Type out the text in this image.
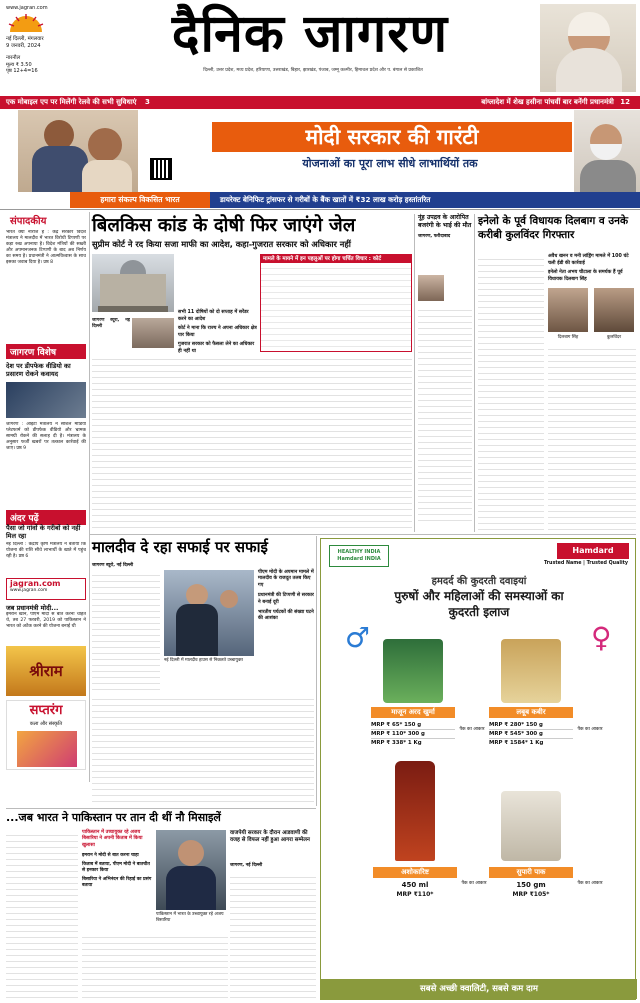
www.jagran.com
नई दिल्ली, मंगलवार
9 जनवरी, 2024
नारनौल
मूल्य ₹ 3.50
पृष्ठ 12+4=16
दैनिक जागरण
दिल्ली, उत्तर प्रदेश, मध्य प्रदेश, हरियाणा, उत्तराखंड, बिहार, झारखंड, पंजाब, जम्मू कश्मीर, हिमाचल प्रदेश और प. बंगाल से प्रकाशित
एक मोबाइल एप पर मिलेंगी रेलवे की सभी सुविधाएं 3	बांग्लादेश में शेख हसीना पांचवीं बार बनेंगी प्रधानमंत्री 12
मोदी सरकार की गारंटी
योजनाओं का पूरा लाभ सीधे लाभार्थियों तक
हमारा संकल्प विकसित भारत	डायरेक्ट बेनिफिट ट्रांसफर से गरीबों के बैंक खातों में ₹32 लाख करोड़ हस्तांतरित
संपादकीय
भारत क्यों नाराज है : केंद्र सरकार विदेश मंत्रालय ने मालदीव में भारत विरोधी टिप्पणी पर कड़ा रुख अपनाया है। विदेश मंत्रियों की सख्ती और अपमानजनक टिप्पणी के बाद अब निर्णय का समय है। प्रधानमंत्री ने आत्मविश्वास के साथ इसका जवाब दिया है। प्रष्ठ 8
जागरण विशेष
देश पर डीपफेक वीडियो का प्रसारण रोकने कवायद
जागरण : आईटी मंत्रालय ने सोशल मीडिया प्लेटफार्म को डीपफेक वीडियो और भ्रामक सामग्री रोकने की सलाह दी है। मंत्रालय के अनुसार फर्जी खबरों पर तत्काल कार्रवाई की जाए। प्रष्ठ 9
अंदर पढ़ें
पैसा जो गांवों के गरीबों को नहीं मिल रहा
नई दिल्ली : केंद्रीय कृषि मंत्रालय ने बताया कि योजना की राशि सीधे लाभार्थी के खाते में पहुंच रही है। प्रष्ठ 6
jagran.com
www.jagran.com
जब प्रधानमंत्री मोदी...
इमरान खान, पीएम मोदी से बात करना चाहते थे, तब 27 फरवरी, 2019 को पाकिस्तान ने भारत को अटैक करने की योजना बनाई थी
श्रीराम
सप्तरंग
कला और संस्कृति
बिलकिस कांड के दोषी फिर जाएंगे जेल
सुप्रीम कोर्ट ने रद किया सजा माफी का आदेश, कहा-गुजरात सरकार को अधिकार नहीं
जागरण ब्यूरो, नई दिल्ली
सभी 11 दोषियों को दो सप्ताह में सरेंडर करने का आदेश
कोर्ट ने माना कि राज्य ने अपना अधिकार क्षेत्र पार किया
गुजरात सरकार को फैसला लेने का अधिकार ही नहीं था
मामले के मायने में इन पहलुओं पर होगा चर्चित विचार : कोर्ट
नूंह उपद्रव के आरोपित बजरंगी के भाई की मौत
जागरण, फरीदाबाद
इनेलो के पूर्व विधायक दिलबाग व उनके करीबी कुलविंदर गिरफ्तार
अवैध खनन व मनी लांड्रिंग मामले में 100 घंटे चली ईडी की कार्रवाई
इनेलो नेता अभय चौटाला के समर्थक हैं पूर्व विधायक दिलबाग सिंह
दिलबाग सिंह	कुलविंदर
मालदीव दे रहा सफाई पर सफाई
जागरण ब्यूरो, नई दिल्ली
नई दिल्ली में मालदीव हाउस से निकलते उच्चायुक्त
पीएम मोदी के अपमान मामले में मालदीव के राजदूत तलब किए गए
प्रधानमंत्री की टिप्पणी से सरकार ने बनाई दूरी
भारतीय पर्यटकों की संख्या घटने की आशंका
HEALTHY INDIA Hamdard INDIA
Hamdard
Trusted Name | Trusted Quality
हमदर्द की कुदरती दवाइयां
पुरुषों और महिलाओं की समस्याओं का
कुदरती इलाज
♂	♀
माजून अरद खुर्मा	लबूब कबीर
MRP ₹ 65* 150 g
MRP ₹ 110* 300 g
MRP ₹ 338* 1 Kg
MRP ₹ 280* 150 g
MRP ₹ 545* 300 g
MRP ₹ 1584* 1 Kg
पैक का आकार	पैक का आकार
अशोकारिष्ट	सुपारी पाक
450 ml
MRP ₹110*
150 gm
MRP ₹105*
पैक का आकार	पैक का आकार
सबसे अच्छी क्वालिटी, सबसे कम दाम
...जब भारत ने पाकिस्तान पर तान दी थीं नौ मिसाइलें
पाकिस्तान में उच्चायुक्त रहे अजय बिसारिया ने अपनी किताब में किया खुलासा
इमरान ने मोदी से बात करना चाहा
किताब में बताया, पीएम मोदी ने बातचीत से इनकार किया
बिसारिया ने अभिनंदन की रिहाई का प्रसंग बताया
पाकिस्तान में भारत के उच्चायुक्त रहे अजय बिसारिया
वाजपेयी सरकार के दौरान आडवाणी की वजह से विफल नहीं हुआ आगरा सम्मेलन
जागरण, नई दिल्ली
